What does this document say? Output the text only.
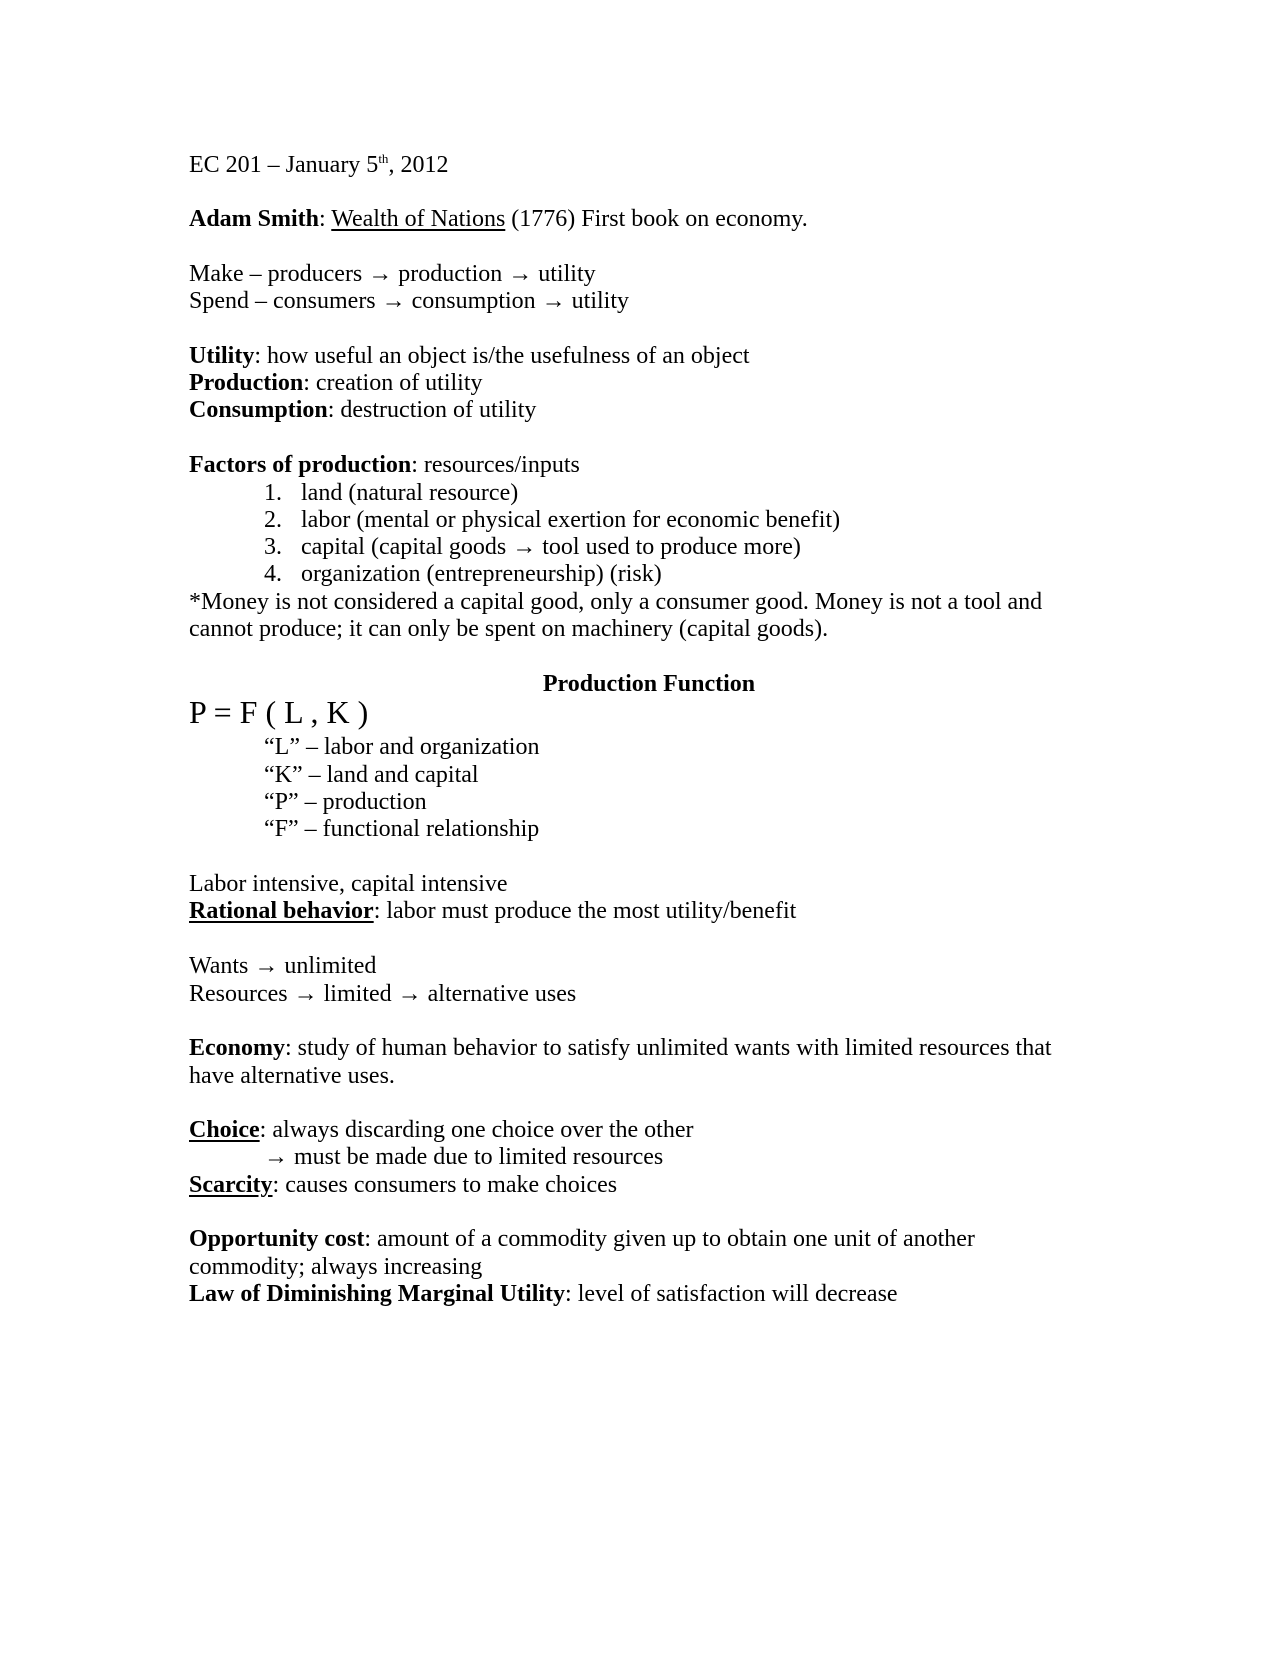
EC 201 – January 5th, 2012
Adam Smith: Wealth of Nations (1776) First book on economy.
Make – producers → production → utility
Spend – consumers → consumption → utility
Utility: how useful an object is/the usefulness of an object
Production: creation of utility
Consumption: destruction of utility
Factors of production: resources/inputs
1. land (natural resource)
2. labor (mental or physical exertion for economic benefit)
3. capital (capital goods → tool used to produce more)
4. organization (entrepreneurship) (risk)
*Money is not considered a capital good, only a consumer good. Money is not a tool and
cannot produce; it can only be spent on machinery (capital goods).
Production Function
P = F ( L , K )
“L” – labor and organization
“K” – land and capital
“P” – production
“F” – functional relationship
Labor intensive, capital intensive
Rational behavior: labor must produce the most utility/benefit
Wants → unlimited
Resources → limited → alternative uses
Economy: study of human behavior to satisfy unlimited wants with limited resources that
have alternative uses.
Choice: always discarding one choice over the other
→ must be made due to limited resources
Scarcity: causes consumers to make choices
Opportunity cost: amount of a commodity given up to obtain one unit of another
commodity; always increasing
Law of Diminishing Marginal Utility: level of satisfaction will decrease
